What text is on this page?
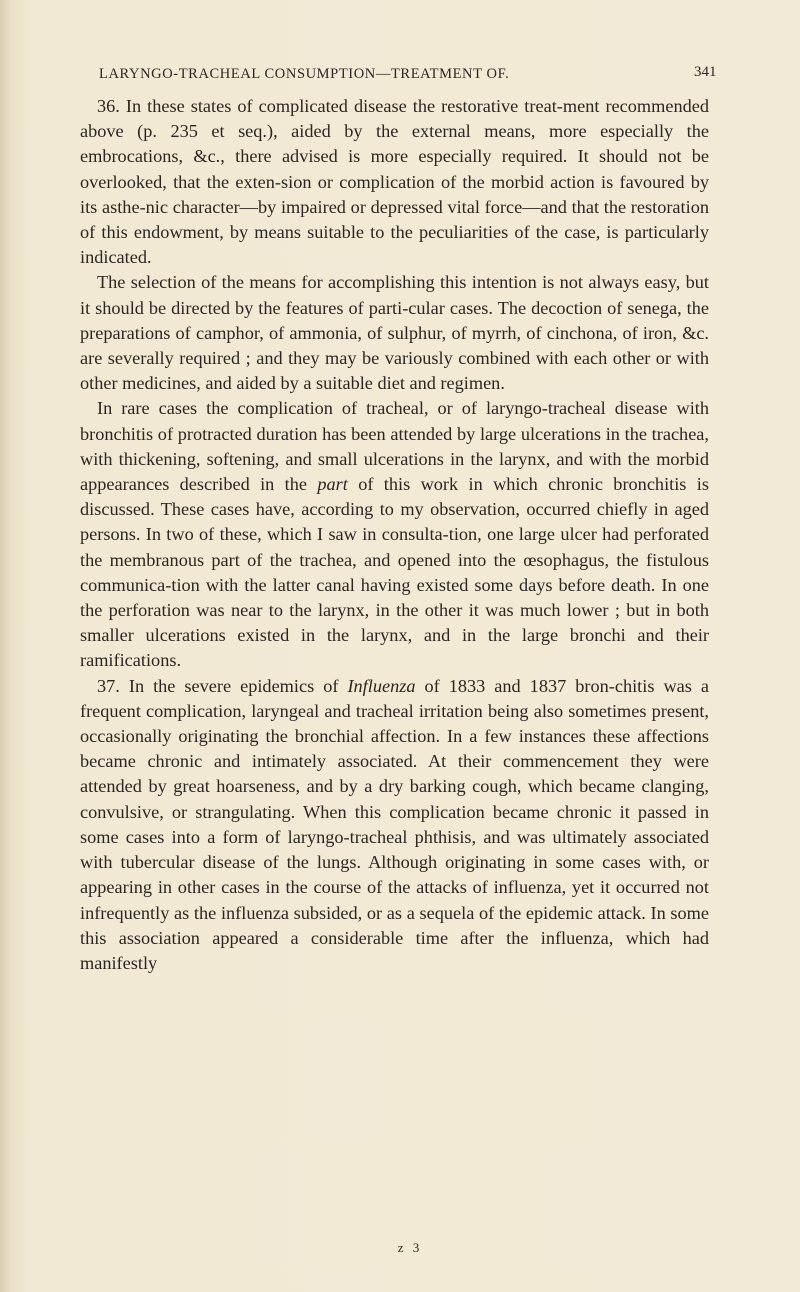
LARYNGO-TRACHEAL CONSUMPTION—TREATMENT OF.	341

36. In these states of complicated disease the restorative treat-ment recommended above (p. 235 et seq.), aided by the external means, more especially the embrocations, &c., there advised is more especially required. It should not be overlooked, that the exten-sion or complication of the morbid action is favoured by its asthe-nic character—by impaired or depressed vital force—and that the restoration of this endowment, by means suitable to the peculiarities of the case, is particularly indicated.

The selection of the means for accomplishing this intention is not always easy, but it should be directed by the features of parti-cular cases. The decoction of senega, the preparations of camphor, of ammonia, of sulphur, of myrrh, of cinchona, of iron, &c. are severally required ; and they may be variously combined with each other or with other medicines, and aided by a suitable diet and regimen.

In rare cases the complication of tracheal, or of laryngo-tracheal disease with bronchitis of protracted duration has been attended by large ulcerations in the trachea, with thickening, softening, and small ulcerations in the larynx, and with the morbid appearances described in the part of this work in which chronic bronchitis is discussed. These cases have, according to my observation, occurred chiefly in aged persons. In two of these, which I saw in consulta-tion, one large ulcer had perforated the membranous part of the trachea, and opened into the œsophagus, the fistulous communica-tion with the latter canal having existed some days before death. In one the perforation was near to the larynx, in the other it was much lower ; but in both smaller ulcerations existed in the larynx, and in the large bronchi and their ramifications.

37. In the severe epidemics of Influenza of 1833 and 1837 bron-chitis was a frequent complication, laryngeal and tracheal irritation being also sometimes present, occasionally originating the bronchial affection. In a few instances these affections became chronic and intimately associated. At their commencement they were attended by great hoarseness, and by a dry barking cough, which became clanging, convulsive, or strangulating. When this complication became chronic it passed in some cases into a form of laryngo-tracheal phthisis, and was ultimately associated with tubercular disease of the lungs. Although originating in some cases with, or appearing in other cases in the course of the attacks of influenza, yet it occurred not infrequently as the influenza subsided, or as a sequela of the epidemic attack. In some this association appeared a considerable time after the influenza, which had manifestly

z 3
